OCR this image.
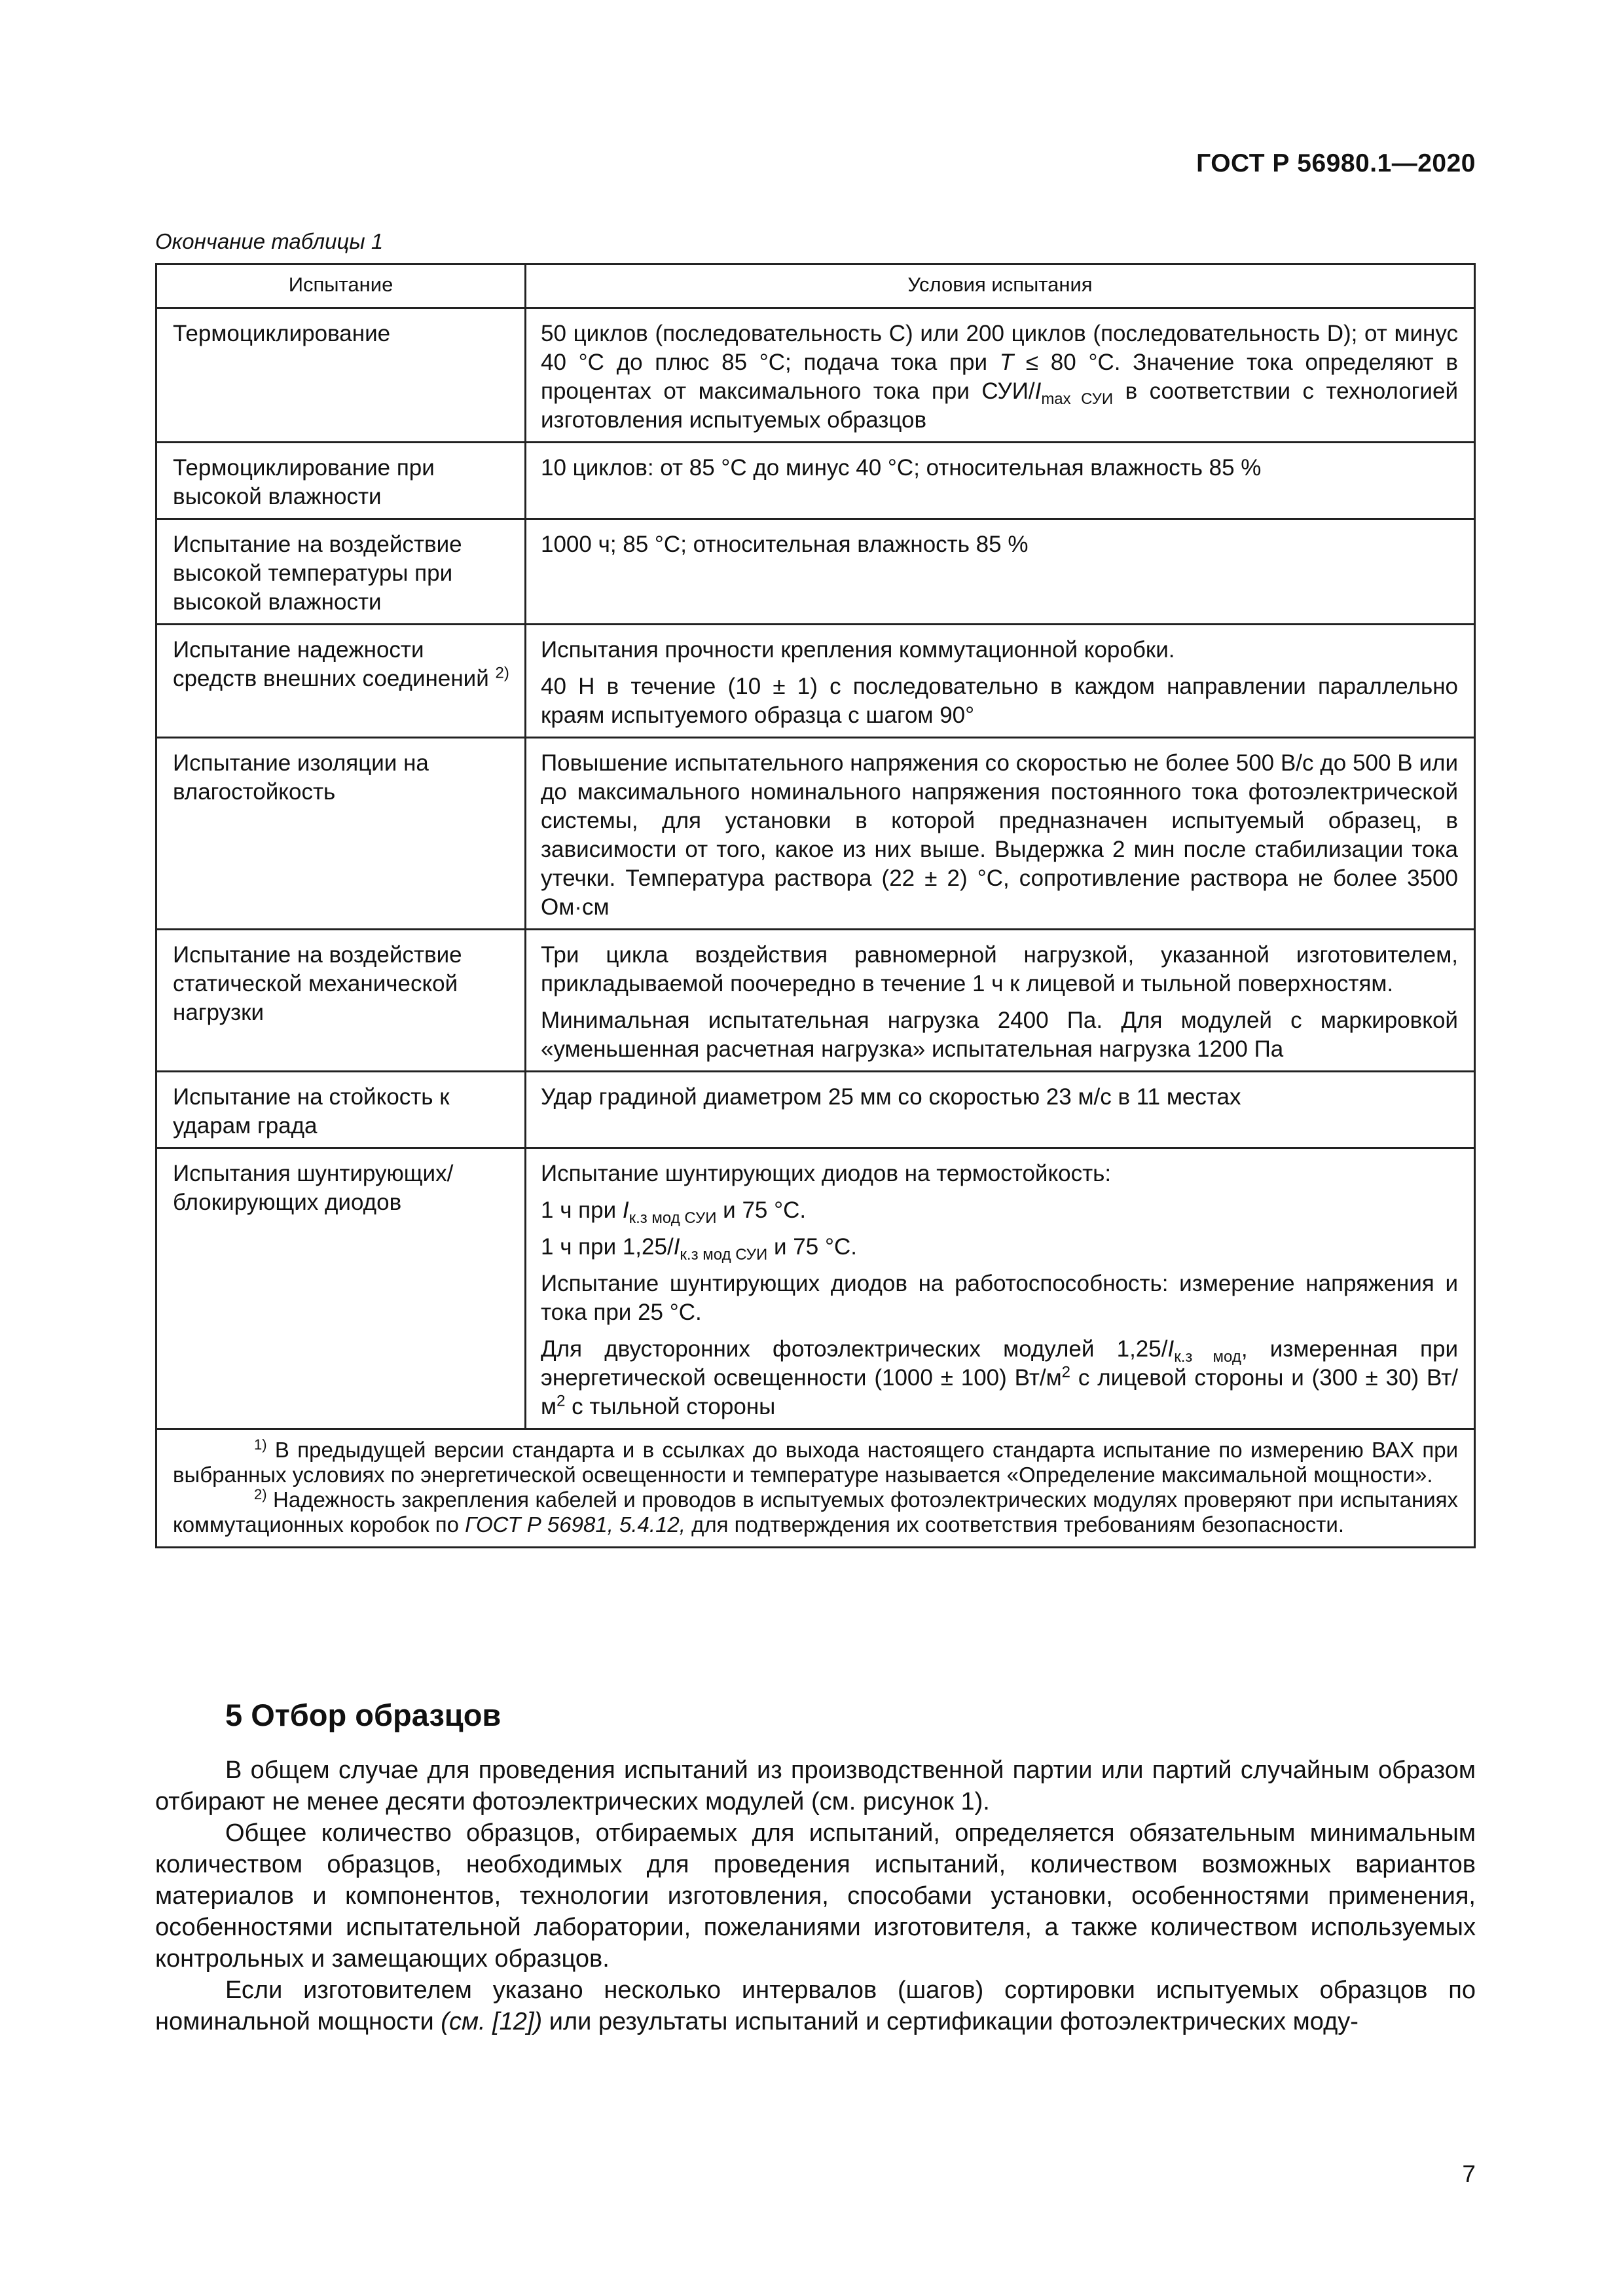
ГОСТ Р 56980.1—2020
Окончание таблицы 1
Испытание	Условия испытания
Термоциклирование	50 циклов (последовательность С) или 200 циклов (последовательность D); от минус 40 °С до плюс 85 °С; подача тока при T ≤ 80 °С. Значение тока определяют в процентах от максимального тока при СУИ/$I_{max СУИ}$ в соответствии с технологией изготовления испытуемых образцов

Термоциклирование при высокой влажности	10 циклов: от 85 °С до минус 40 °С; относительная влажность 85 %

Испытание на воздействие высокой температуры при высокой влажности	1000 ч; 85 °С; относительная влажность 85 %

Испытание надежности средств внешних соединений $^{2)}$	Испытания прочности крепления коммутационной коробки.

40 Н в течение (10 ± 1) с последовательно в каждом направлении параллельно краям испытуемого образца с шагом 90°

Испытание изоляции на влагостойкость	Повышение испытательного напряжения со скоростью не более 500 В/с до 500 В или до максимального номинального напряжения постоянного тока фотоэлектрической системы, для установки в которой предназначен испытуемый образец, в зависимости от того, какое из них выше. Выдержка 2 мин после стабилизации тока утечки. Температура раствора (22 ± 2) °С, сопротивление раствора не более 3500 Ом·см

Испытание на воздействие статической механической нагрузки	Три цикла воздействия равномерной нагрузкой, указанной изготовителем, прикладываемой поочередно в течение 1 ч к лицевой и тыльной поверхностям.

Минимальная испытательная нагрузка 2400 Па. Для модулей с маркировкой «уменьшенная расчетная нагрузка» испытательная нагрузка 1200 Па

Испытание на стойкость к ударам града	Удар градиной диаметром 25 мм со скоростью 23 м/с в 11 местах

Испытания шунтирующих/блокирующих диодов	Испытание шунтирующих диодов на термостойкость:

1 ч при $I_{к.з мод СУИ}$ и 75 °С.

1 ч при $1,25/I_{к.з мод СУИ}$ и 75 °С.

Испытание шунтирующих диодов на работоспособность: измерение напряжения и тока при 25 °С.

Для двусторонних фотоэлектрических модулей $1,25/I_{к.з мод}$, измеренная при энергетической освещенности (1000 ± 100) $Вт/м^2$ с лицевой стороны и (300 ± 30) $Вт/м^2$ с тыльной стороны

$^{1)}$ В предыдущей версии стандарта и в ссылках до выхода настоящего стандарта испытание по измерению ВАХ при выбранных условиях по энергетической освещенности и температуре называется «Определение максимальной мощности».

$^{2)}$ Надежность закрепления кабелей и проводов в испытуемых фотоэлектрических модулях проверяют при испытаниях коммутационных коробок по ГОСТ Р 56981, 5.4.12, для подтверждения их соответствия требованиям безопасности.	

5 Отбор образцов

В общем случае для проведения испытаний из производственной партии или партий случайным образом отбирают не менее десяти фотоэлектрических модулей (см. рисунок 1).

Общее количество образцов, отбираемых для испытаний, определяется обязательным минимальным количеством образцов, необходимых для проведения испытаний, количеством возможных вариантов материалов и компонентов, технологии изготовления, способами установки, особенностями применения, особенностями испытательной лаборатории, пожеланиями изготовителя, а также количеством используемых контрольных и замещающих образцов.

Если изготовителем указано несколько интервалов (шагов) сортировки испытуемых образцов по номинальной мощности (см. [12]) или результаты испытаний и сертификации фотоэлектрических моду-

7
